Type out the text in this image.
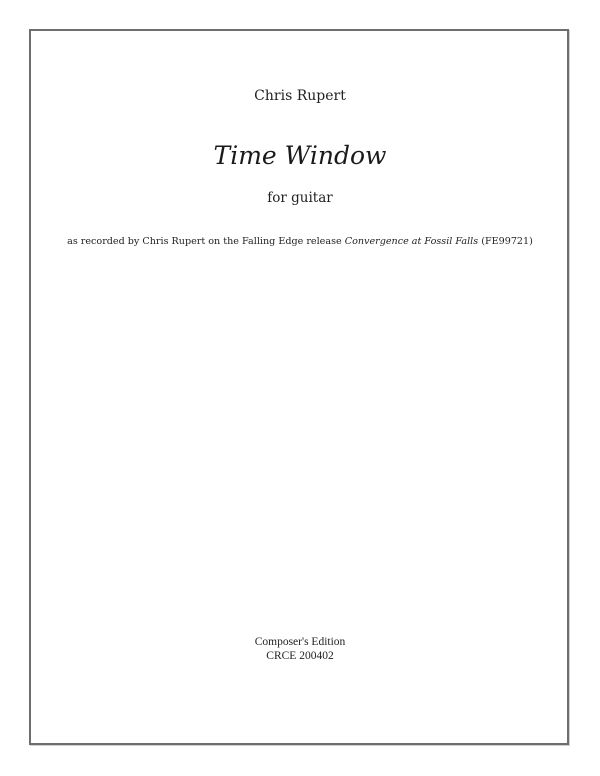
Chris Rupert
Time Window
for guitar
as recorded by Chris Rupert on the Falling Edge release Convergence at Fossil Falls (FE99721)
Composer's Edition
CRCE 200402
